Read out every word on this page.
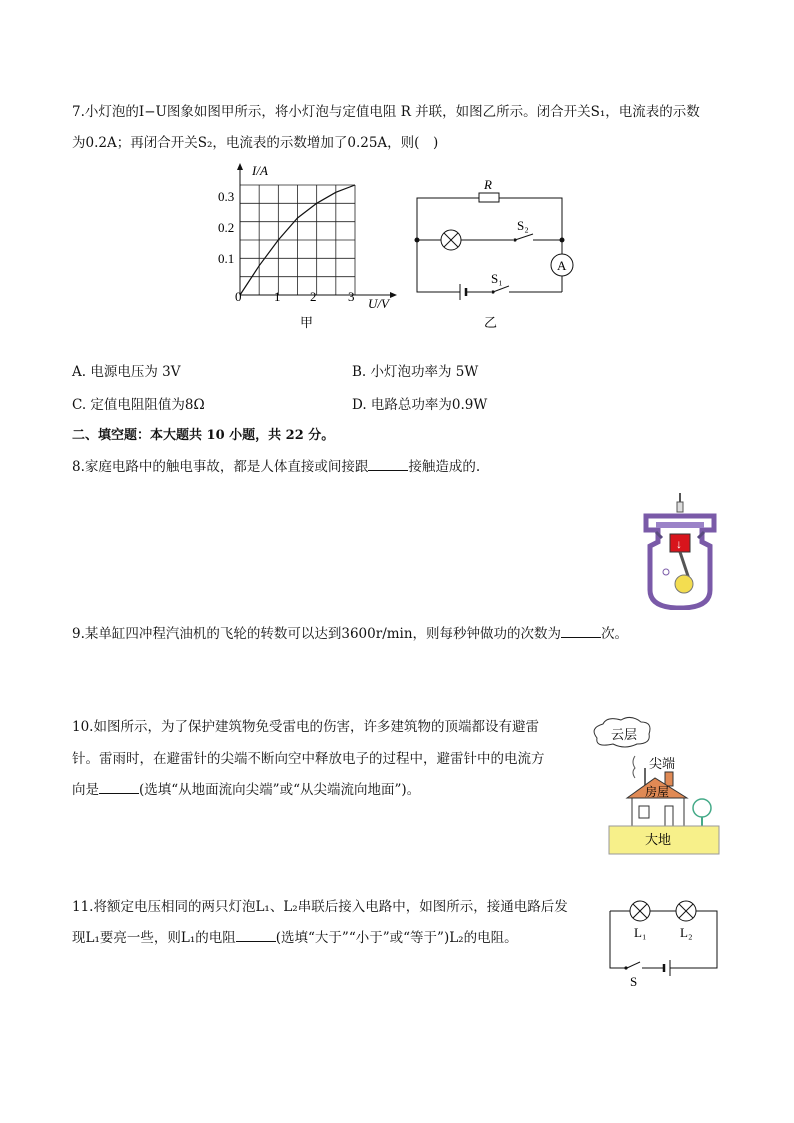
7.小灯泡的I−U图象如图甲所示，将小灯泡与定值电阻 R 并联，如图乙所示。闭合开关S₁，电流表的示数
为0.2A；再闭合开关S₂，电流表的示数增加了0.25A，则(　)
I/A
U/V
0.1
0.2
0.3
0	1 2 3
甲
R
S₂
S₁
A
乙
A. 电源电压为 3V	B. 小灯泡功率为 5W
C. 定值电阻阻值为8Ω	D. 电路总功率为0.9W
二、填空题：本大题共 10 小题，共 22 分。
8.家庭电路中的触电事故，都是人体直接或间接跟	接触造成的.
↓
9.某单缸四冲程汽油机的飞轮的转数可以达到3600r/min，则每秒钟做功的次数为	次。
10.如图所示，为了保护建筑物免受雷电的伤害，许多建筑物的顶端都设有避雷
针。雷雨时，在避雷针的尖端不断向空中释放电子的过程中，避雷针中的电流方
向是	(选填“从地面流向尖端”或“从尖端流向地面”)。
云层
尖端
房屋
大地
11.将额定电压相同的两只灯泡L₁、L₂串联后接入电路中，如图所示，接通电路后发
现L₁要亮一些，则L₁的电阻	(选填“大于”“小于”或“等于”)L₂的电阻。	L₁	L₂
S
